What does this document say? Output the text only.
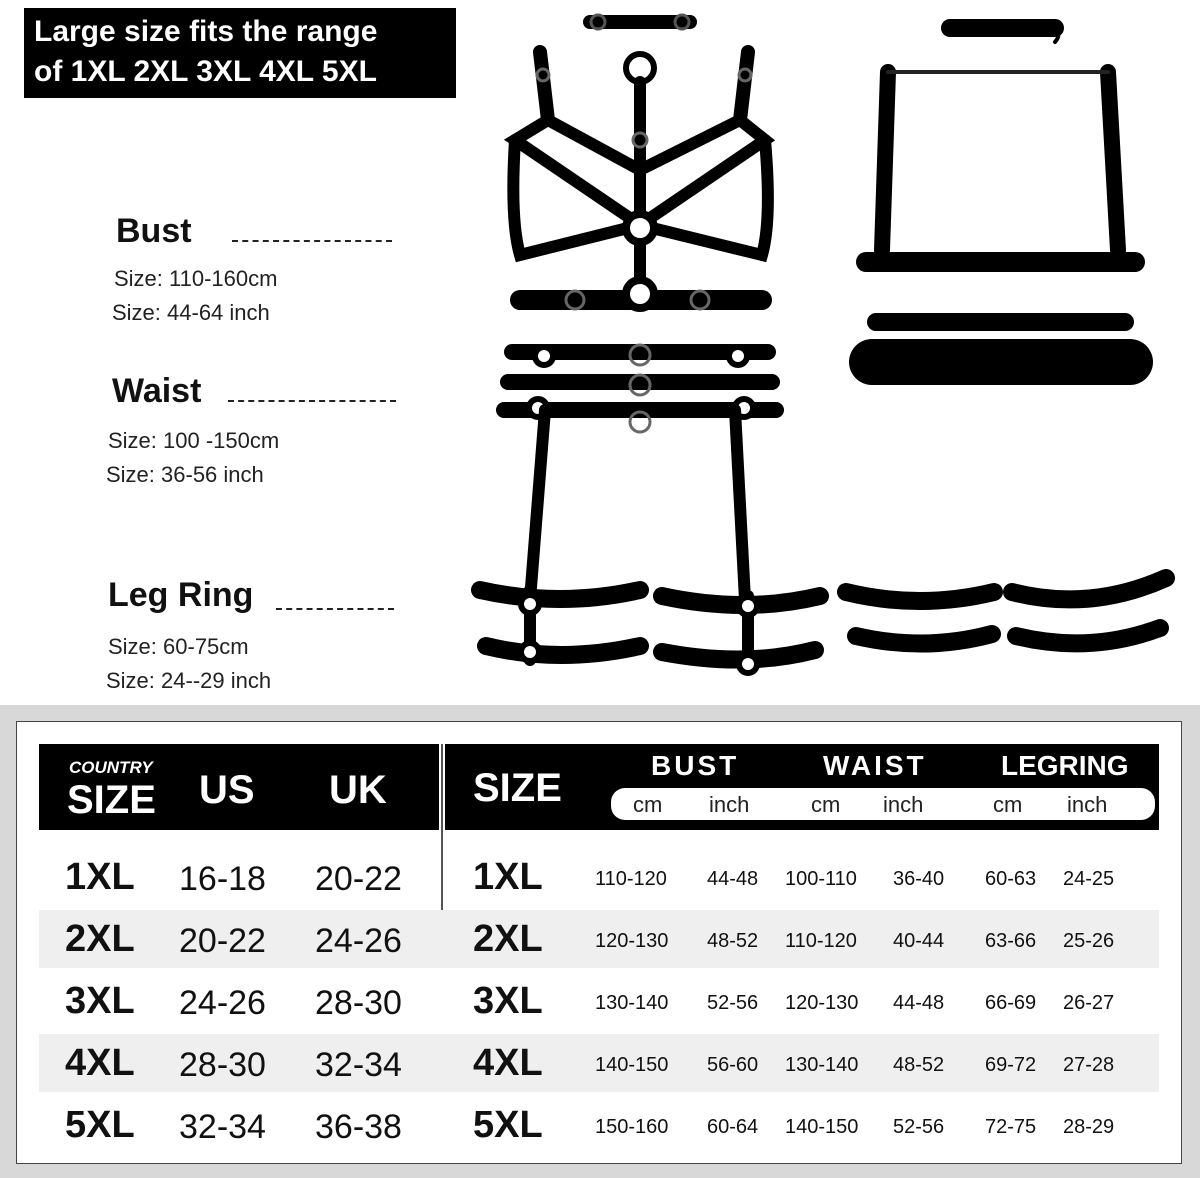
Large size fits the range
of 1XL 2XL 3XL 4XL 5XL
Bust
Size: 110-160cm
Size: 44-64 inch
Waist
Size: 100 -150cm
Size: 36-56 inch
Leg Ring
Size: 60-75cm
Size: 24--29 inch
COUNTRY
SIZE US UK SIZE
BUST	WAIST	LEGRING
cm inch	cm inch	cm inch
1XL 16-18 20-22 1XL	110-120 44-48 100-110 36-40 60-63 24-25
2XL 20-22 24-26 2XL	120-130 48-52 110-120 40-44 63-66 25-26
3XL 24-26 28-30 3XL	130-140 52-56 120-130 44-48 66-69 26-27
4XL 28-30 32-34 4XL	140-150 56-60 130-140 48-52 69-72 27-28
5XL 32-34 36-38 5XL	150-160 60-64 140-150 52-56 72-75 28-29
